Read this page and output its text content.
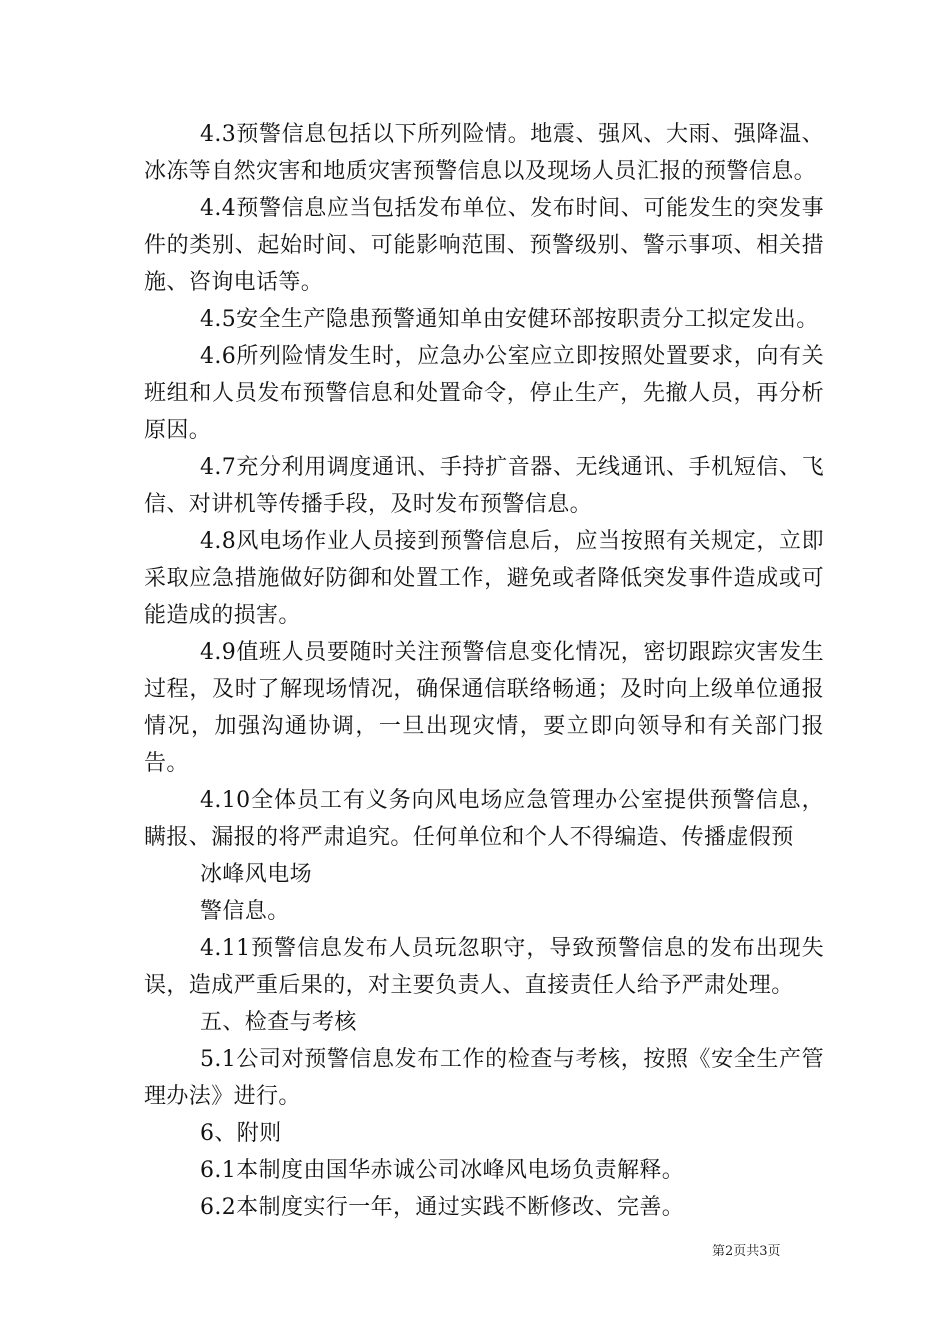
4.3预警信息包括以下所列险情。地震、强风、大雨、强降温、冰冻等自然灾害和地质灾害预警信息以及现场人员汇报的预警信息。

4.4预警信息应当包括发布单位、发布时间、可能发生的突发事件的类别、起始时间、可能影响范围、预警级别、警示事项、相关措施、咨询电话等。

4.5安全生产隐患预警通知单由安健环部按职责分工拟定发出。

4.6所列险情发生时，应急办公室应立即按照处置要求，向有关班组和人员发布预警信息和处置命令，停止生产，先撤人员，再分析原因。

4.7充分利用调度通讯、手持扩音器、无线通讯、手机短信、飞信、对讲机等传播手段，及时发布预警信息。

4.8风电场作业人员接到预警信息后，应当按照有关规定，立即采取应急措施做好防御和处置工作，避免或者降低突发事件造成或可能造成的损害。

4.9值班人员要随时关注预警信息变化情况，密切跟踪灾害发生过程，及时了解现场情况，确保通信联络畅通；及时向上级单位通报情况，加强沟通协调，一旦出现灾情，要立即向领导和有关部门报告。

4.10全体员工有义务向风电场应急管理办公室提供预警信息，瞒报、漏报的将严肃追究。任何单位和个人不得编造、传播虚假预

冰峰风电场

警信息。

4.11预警信息发布人员玩忽职守，导致预警信息的发布出现失误，造成严重后果的，对主要负责人、直接责任人给予严肃处理。

五、检查与考核

5.1公司对预警信息发布工作的检查与考核，按照《安全生产管理办法》进行。

6、附则

6.1本制度由国华赤诚公司冰峰风电场负责解释。

6.2本制度实行一年，通过实践不断修改、完善。

第2页共3页
